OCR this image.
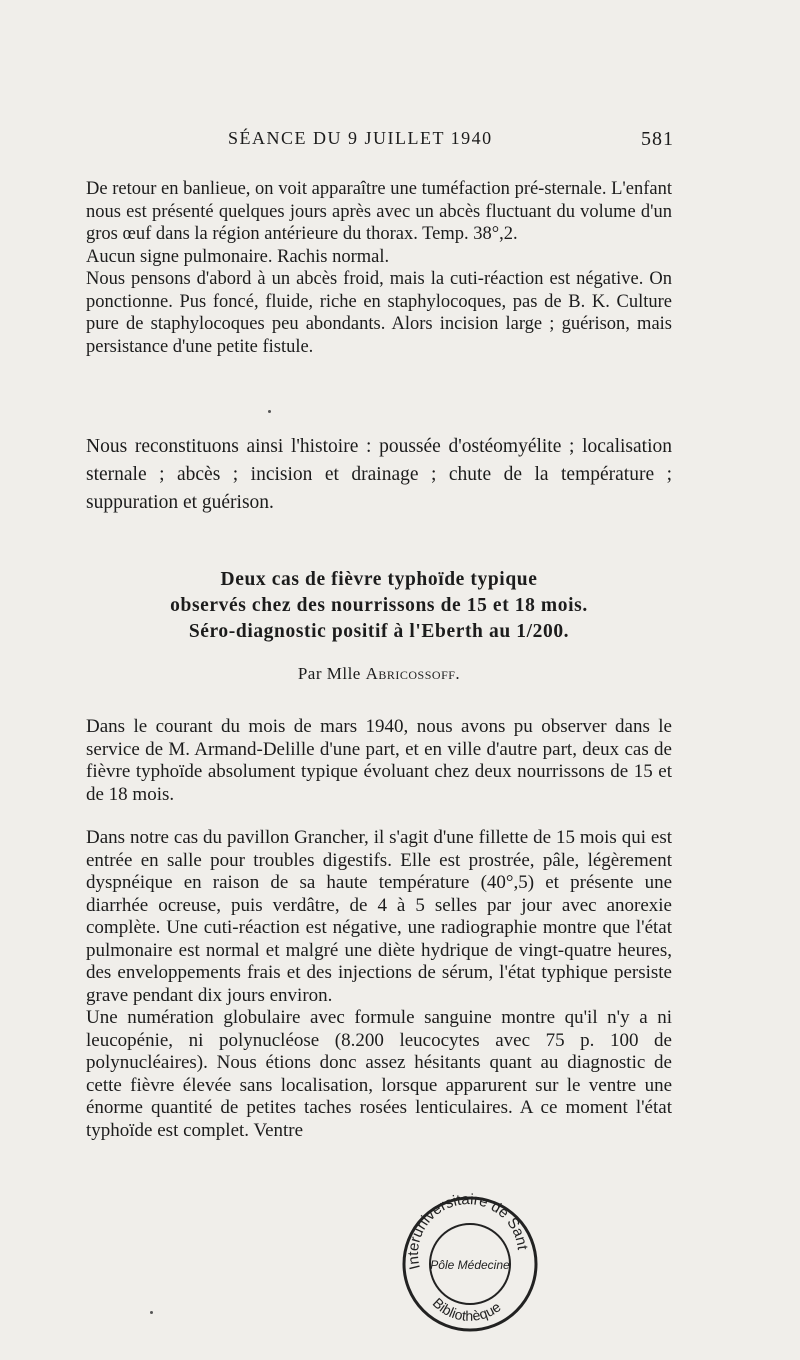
SÉANCE DU 9 JUILLET 1940	581

De retour en banlieue, on voit apparaître une tuméfaction pré-sternale. L'enfant nous est présenté quelques jours après avec un abcès fluctuant du volume d'un gros œuf dans la région antérieure du thorax. Temp. 38°,2.

Aucun signe pulmonaire. Rachis normal.

Nous pensons d'abord à un abcès froid, mais la cuti-réaction est négative. On ponctionne. Pus foncé, fluide, riche en staphylocoques, pas de B. K. Culture pure de staphylocoques peu abondants. Alors incision large ; guérison, mais persistance d'une petite fistule.

Nous reconstituons ainsi l'histoire : poussée d'ostéomyélite ; localisation sternale ; abcès ; incision et drainage ; chute de la température ; suppuration et guérison.

Deux cas de fièvre typhoïde typique
observés chez des nourrissons de 15 et 18 mois.
Séro-diagnostic positif à l'Eberth au 1/200.
Par Mlle Abricossoff.

Dans le courant du mois de mars 1940, nous avons pu observer dans le service de M. Armand-Delille d'une part, et en ville d'autre part, deux cas de fièvre typhoïde absolument typique évoluant chez deux nourrissons de 15 et de 18 mois.

Dans notre cas du pavillon Grancher, il s'agit d'une fillette de 15 mois qui est entrée en salle pour troubles digestifs. Elle est prostrée, pâle, légèrement dyspnéique en raison de sa haute température (40°,5) et présente une diarrhée ocreuse, puis verdâtre, de 4 à 5 selles par jour avec anorexie complète. Une cuti-réaction est négative, une radiographie montre que l'état pulmonaire est normal et malgré une diète hydrique de vingt-quatre heures, des enveloppements frais et des injections de sérum, l'état typhique persiste grave pendant dix jours environ.

Une numération globulaire avec formule sanguine montre qu'il n'y a ni leucopénie, ni polynucléose (8.200 leucocytes avec 75 p. 100 de polynucléaires). Nous étions donc assez hésitants quant au diagnostic de cette fièvre élevée sans localisation, lorsque apparurent sur le ventre une énorme quantité de petites taches rosées lenticulaires. A ce moment l'état typhoïde est complet. Ventre

Interuniversitaire de Sant
Pôle Médecine
Bibliothèque
